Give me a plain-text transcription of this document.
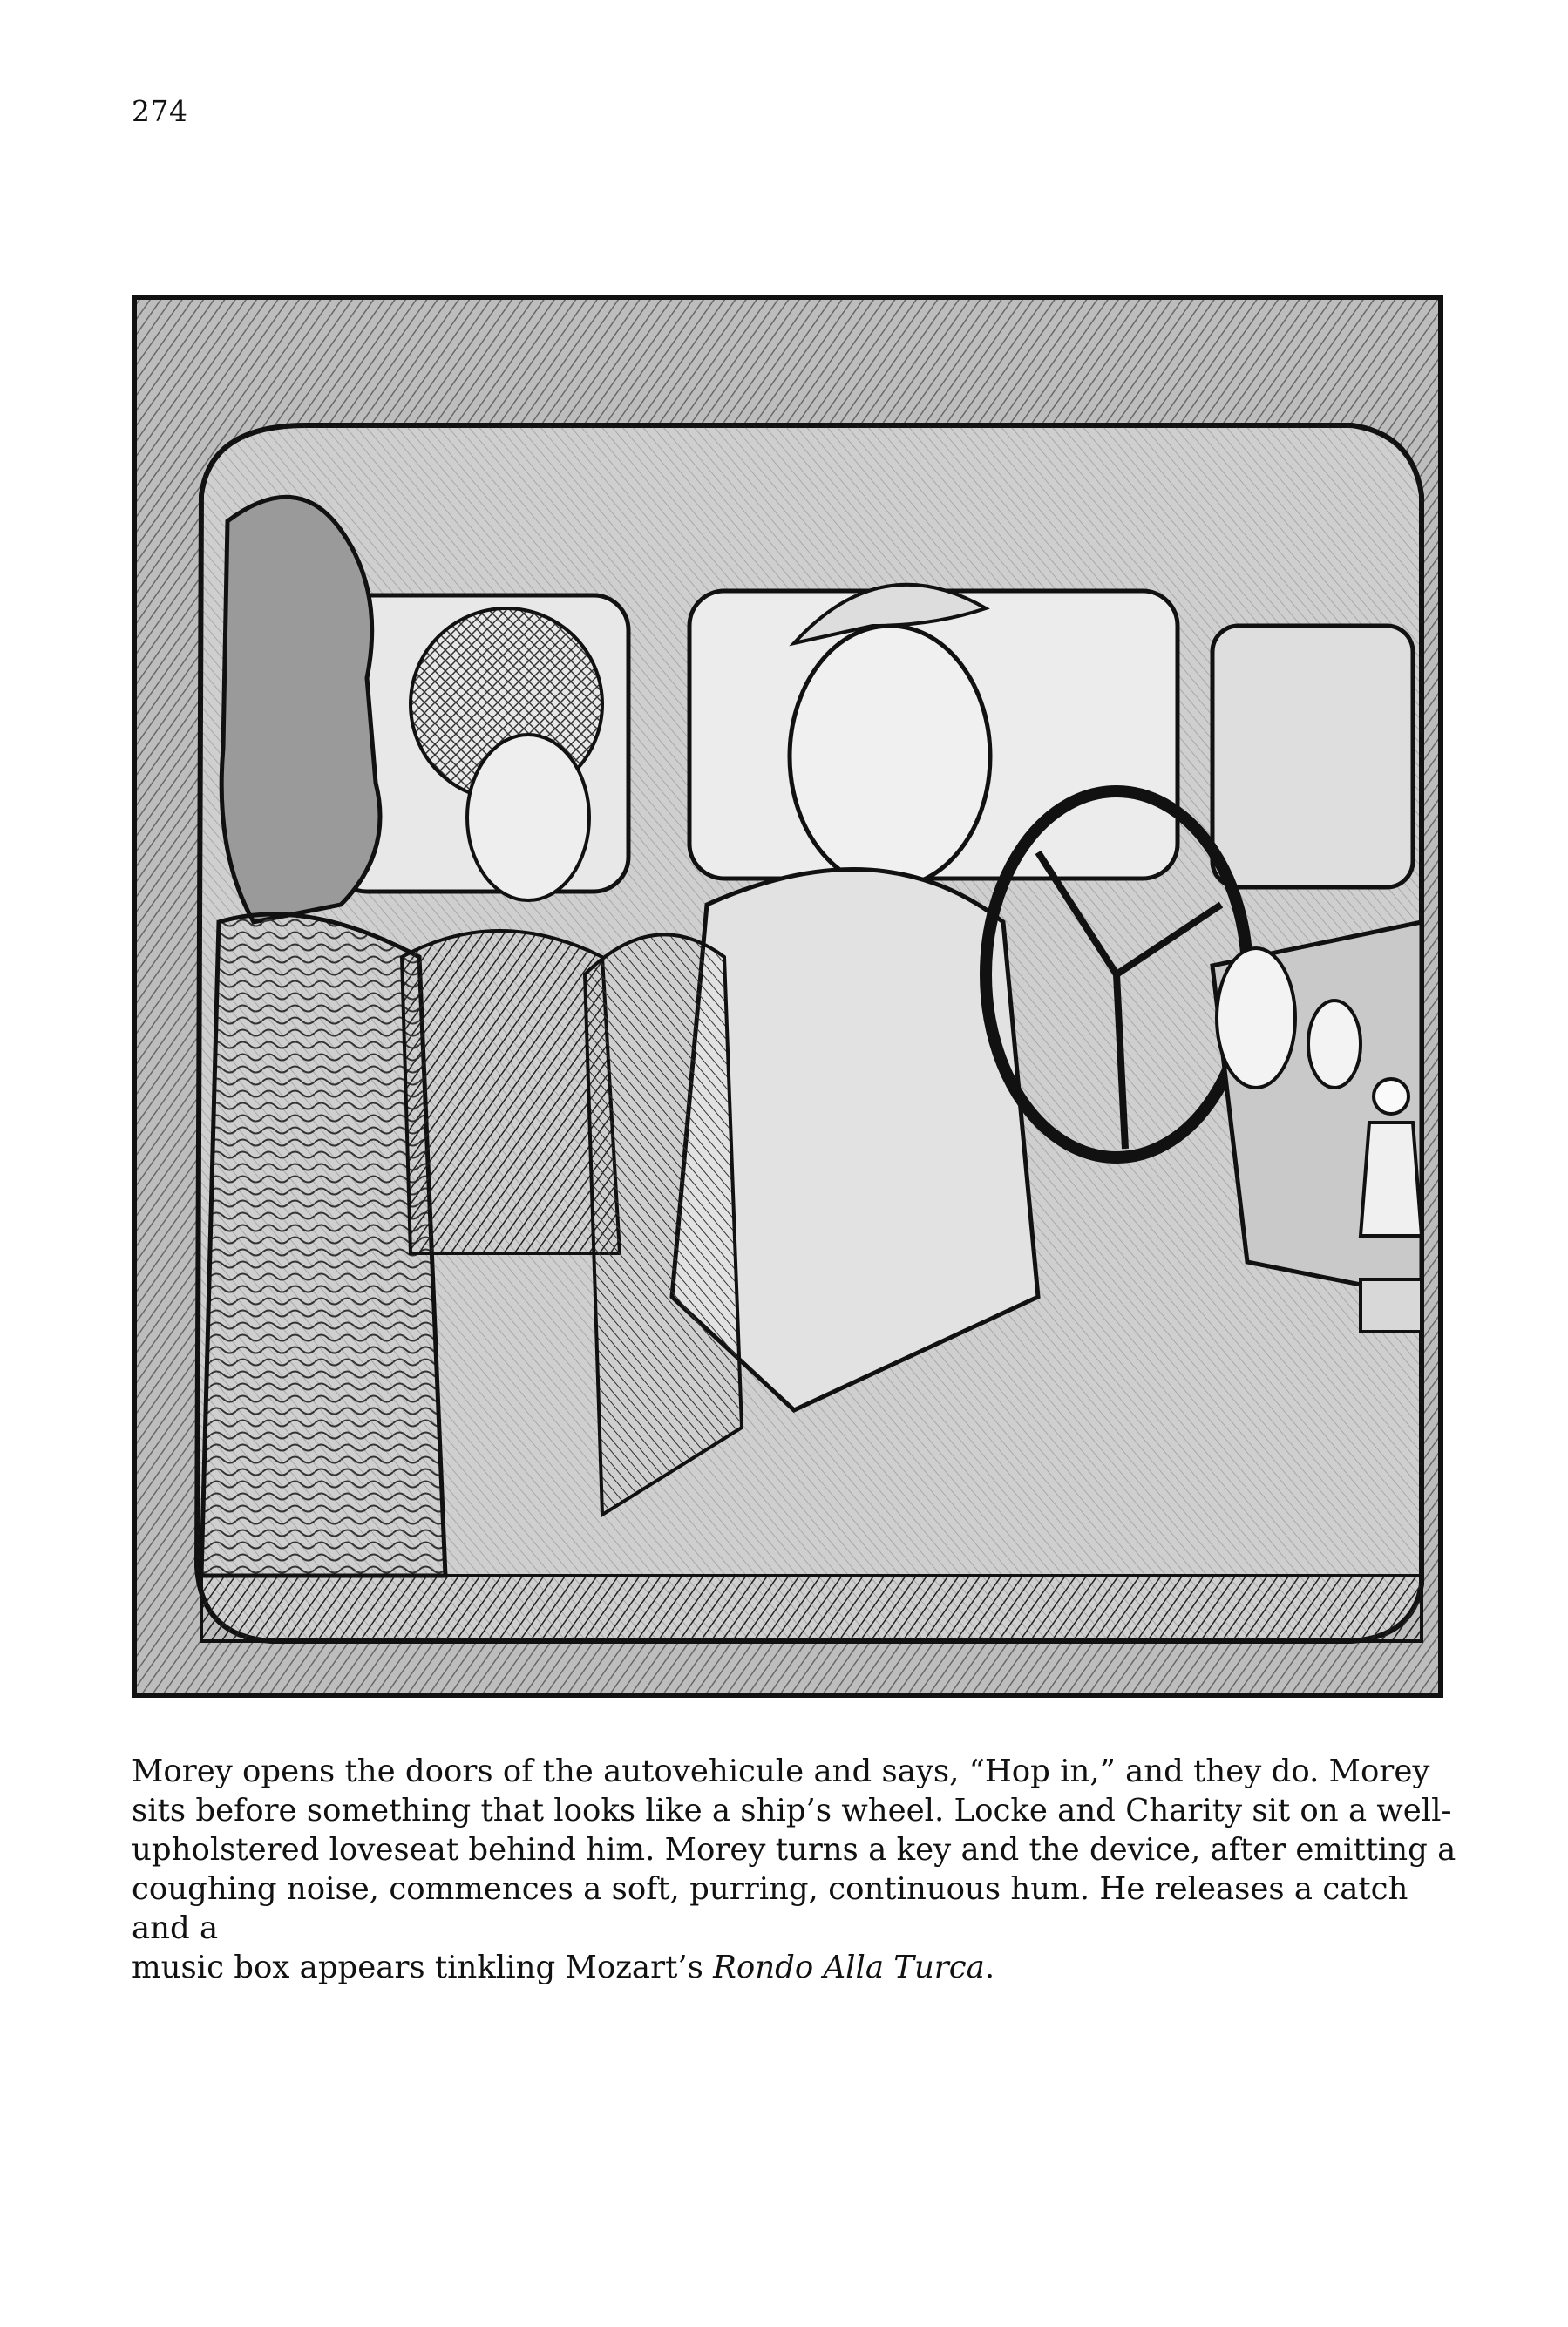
274

Morey opens the doors of the autovehicule and says, “Hop in,” and they do. Morey

sits before something that looks like a ship’s wheel. Locke and Charity sit on a well-

upholstered loveseat behind him. Morey turns a key and the device, after emitting a

coughing noise, commences a soft, purring, continuous hum. He releases a catch and a

music box appears tinkling Mozart’s Rondo Alla Turca.
